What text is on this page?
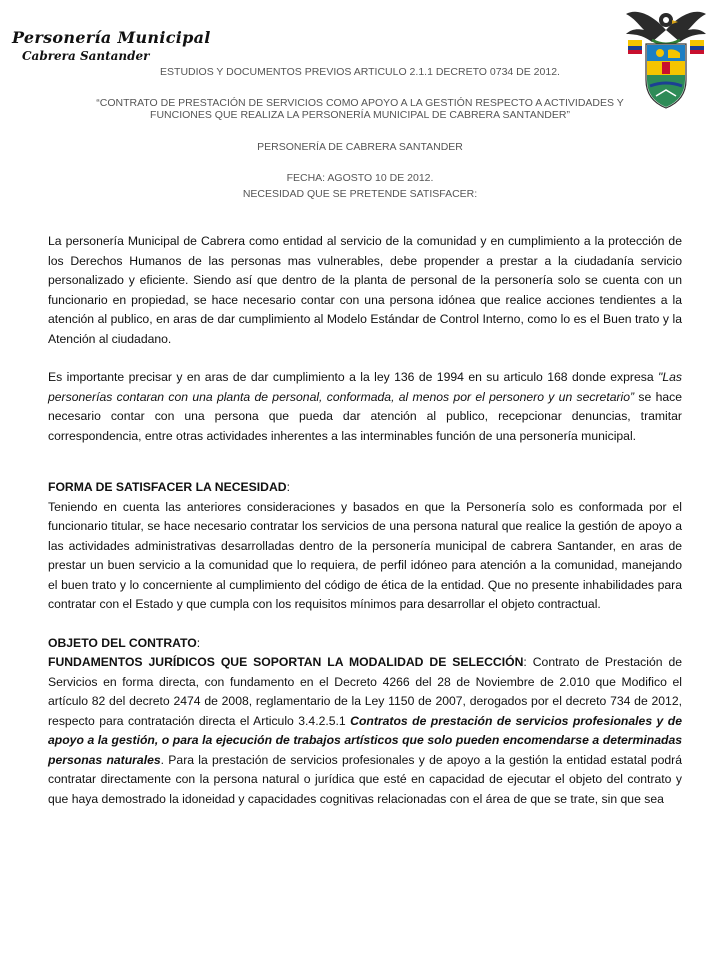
Personería Municipal
Cabrera Santander
ESTUDIOS Y DOCUMENTOS PREVIOS ARTICULO 2.1.1 DECRETO 0734 DE 2012.
“CONTRATO DE PRESTACIÓN DE SERVICIOS COMO APOYO A LA GESTIÓN RESPECTO A ACTIVIDADES Y
FUNCIONES QUE REALIZA LA PERSONERÍA MUNICIPAL DE CABRERA SANTANDER”
PERSONERÍA DE CABRERA SANTANDER
FECHA: AGOSTO 10 DE 2012.
NECESIDAD QUE SE PRETENDE SATISFACER:

La personería Municipal de Cabrera como entidad al servicio de la comunidad y en cumplimiento a la protección de los Derechos Humanos de las personas mas vulnerables, debe propender a prestar a la ciudadanía servicio personalizado y eficiente. Siendo así que dentro de la planta de personal de la personería solo se cuenta con un funcionario en propiedad, se hace necesario contar con una persona idónea que realice acciones tendientes a la atención al publico, en aras de dar cumplimiento al Modelo Estándar de Control Interno, como lo es el Buen trato y la Atención al ciudadano.

Es importante precisar y en aras de dar cumplimiento a la ley 136 de 1994 en su articulo 168 donde expresa "Las personerías contaran con una planta de personal, conformada, al menos por el personero y un secretario” se hace necesario contar con una persona que pueda dar atención al publico, recepcionar denuncias, tramitar correspondencia, entre otras actividades inherentes a las interminables función de una personería municipal.

FORMA DE SATISFACER LA NECESIDAD:

Teniendo en cuenta las anteriores consideraciones y basados en que la Personería solo es conformada por el funcionario titular, se hace necesario contratar los servicios de una persona natural que realice la gestión de apoyo a las actividades administrativas desarrolladas dentro de la personería municipal de cabrera Santander, en aras de prestar un buen servicio a la comunidad que lo requiera, de perfil idóneo para atención a la comunidad, manejando el buen trato y lo concerniente al cumplimiento del código de ética de la entidad. Que no presente inhabilidades para contratar con el Estado y que cumpla con los requisitos mínimos para desarrollar el objeto contractual.

OBJETO DEL CONTRATO:

FUNDAMENTOS JURÍDICOS QUE SOPORTAN LA MODALIDAD DE SELECCIÓN: Contrato de Prestación de Servicios en forma directa, con fundamento en el Decreto 4266 del 28 de Noviembre de 2.010 que Modifico el artículo 82 del decreto 2474 de 2008, reglamentario de la Ley 1150 de 2007, derogados por el decreto 734 de 2012, respecto para contratación directa el Articulo 3.4.2.5.1 Contratos de prestación de servicios profesionales y de apoyo a la gestión, o para la ejecución de trabajos artísticos que solo pueden encomendarse a determinadas personas naturales. Para la prestación de servicios profesionales y de apoyo a la gestión la entidad estatal podrá contratar directamente con la persona natural o jurídica que esté en capacidad de ejecutar el objeto del contrato y que haya demostrado la idoneidad y capacidades cognitivas relacionadas con el área de que se trate, sin que sea
